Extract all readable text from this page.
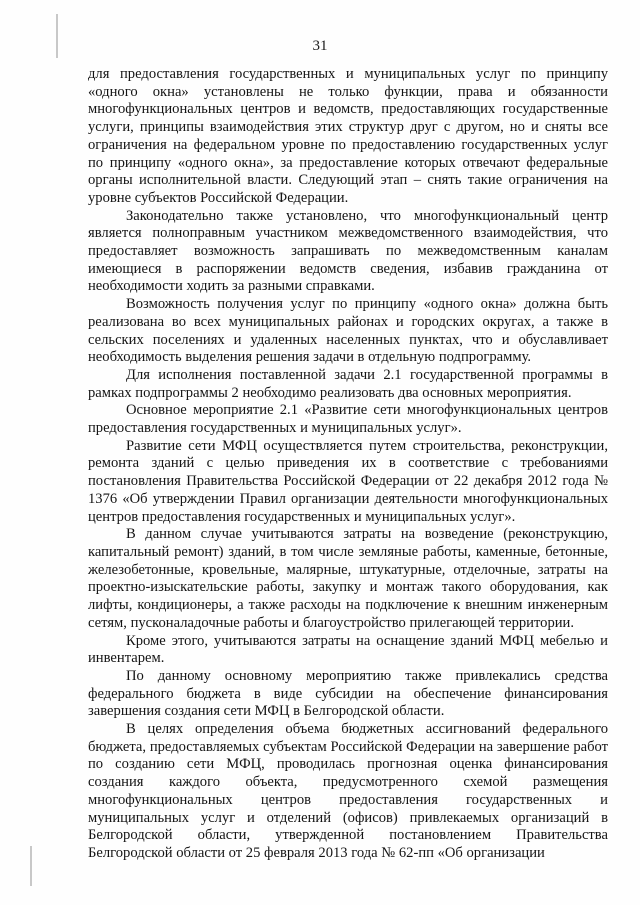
31

для предоставления государственных и муниципальных услуг по принципу «одного окна» установлены не только функции, права и обязанности многофункциональных центров и ведомств, предоставляющих государственные услуги, принципы взаимодействия этих структур друг с другом, но и сняты все ограничения на федеральном уровне по предоставлению государственных услуг по принципу «одного окна», за предоставление которых отвечают федеральные органы исполнительной власти. Следующий этап – снять такие ограничения на уровне субъектов Российской Федерации.

Законодательно также установлено, что многофункциональный центр является полноправным участником межведомственного взаимодействия, что предоставляет возможность запрашивать по межведомственным каналам имеющиеся в распоряжении ведомств сведения, избавив гражданина от необходимости ходить за разными справками.

Возможность получения услуг по принципу «одного окна» должна быть реализована во всех муниципальных районах и городских округах, а также в сельских поселениях и удаленных населенных пунктах, что и обуславливает необходимость выделения решения задачи в отдельную подпрограмму.

Для исполнения поставленной задачи 2.1 государственной программы в рамках подпрограммы 2 необходимо реализовать два основных мероприятия.

Основное мероприятие 2.1 «Развитие сети многофункциональных центров предоставления государственных и муниципальных услуг».

Развитие сети МФЦ осуществляется путем строительства, реконструкции, ремонта зданий с целью приведения их в соответствие с требованиями постановления Правительства Российской Федерации от 22 декабря 2012 года № 1376 «Об утверждении Правил организации деятельности многофункциональных центров предоставления государственных и муниципальных услуг».

В данном случае учитываются затраты на возведение (реконструкцию, капитальный ремонт) зданий, в том числе земляные работы, каменные, бетонные, железобетонные, кровельные, малярные, штукатурные, отделочные, затраты на проектно-изыскательские работы, закупку и монтаж такого оборудования, как лифты, кондиционеры, а также расходы на подключение к внешним инженерным сетям, пусконаладочные работы и благоустройство прилегающей территории.

Кроме этого, учитываются затраты на оснащение зданий МФЦ мебелью и инвентарем.

По данному основному мероприятию также привлекались средства федерального бюджета в виде субсидии на обеспечение финансирования завершения создания сети МФЦ в Белгородской области.

В целях определения объема бюджетных ассигнований федерального бюджета, предоставляемых субъектам Российской Федерации на завершение работ по созданию сети МФЦ, проводилась прогнозная оценка финансирования создания каждого объекта, предусмотренного схемой размещения многофункциональных центров предоставления государственных и муниципальных услуг и отделений (офисов) привлекаемых организаций в Белгородской области, утвержденной постановлением Правительства Белгородской области от 25 февраля 2013 года № 62-пп «Об организации
